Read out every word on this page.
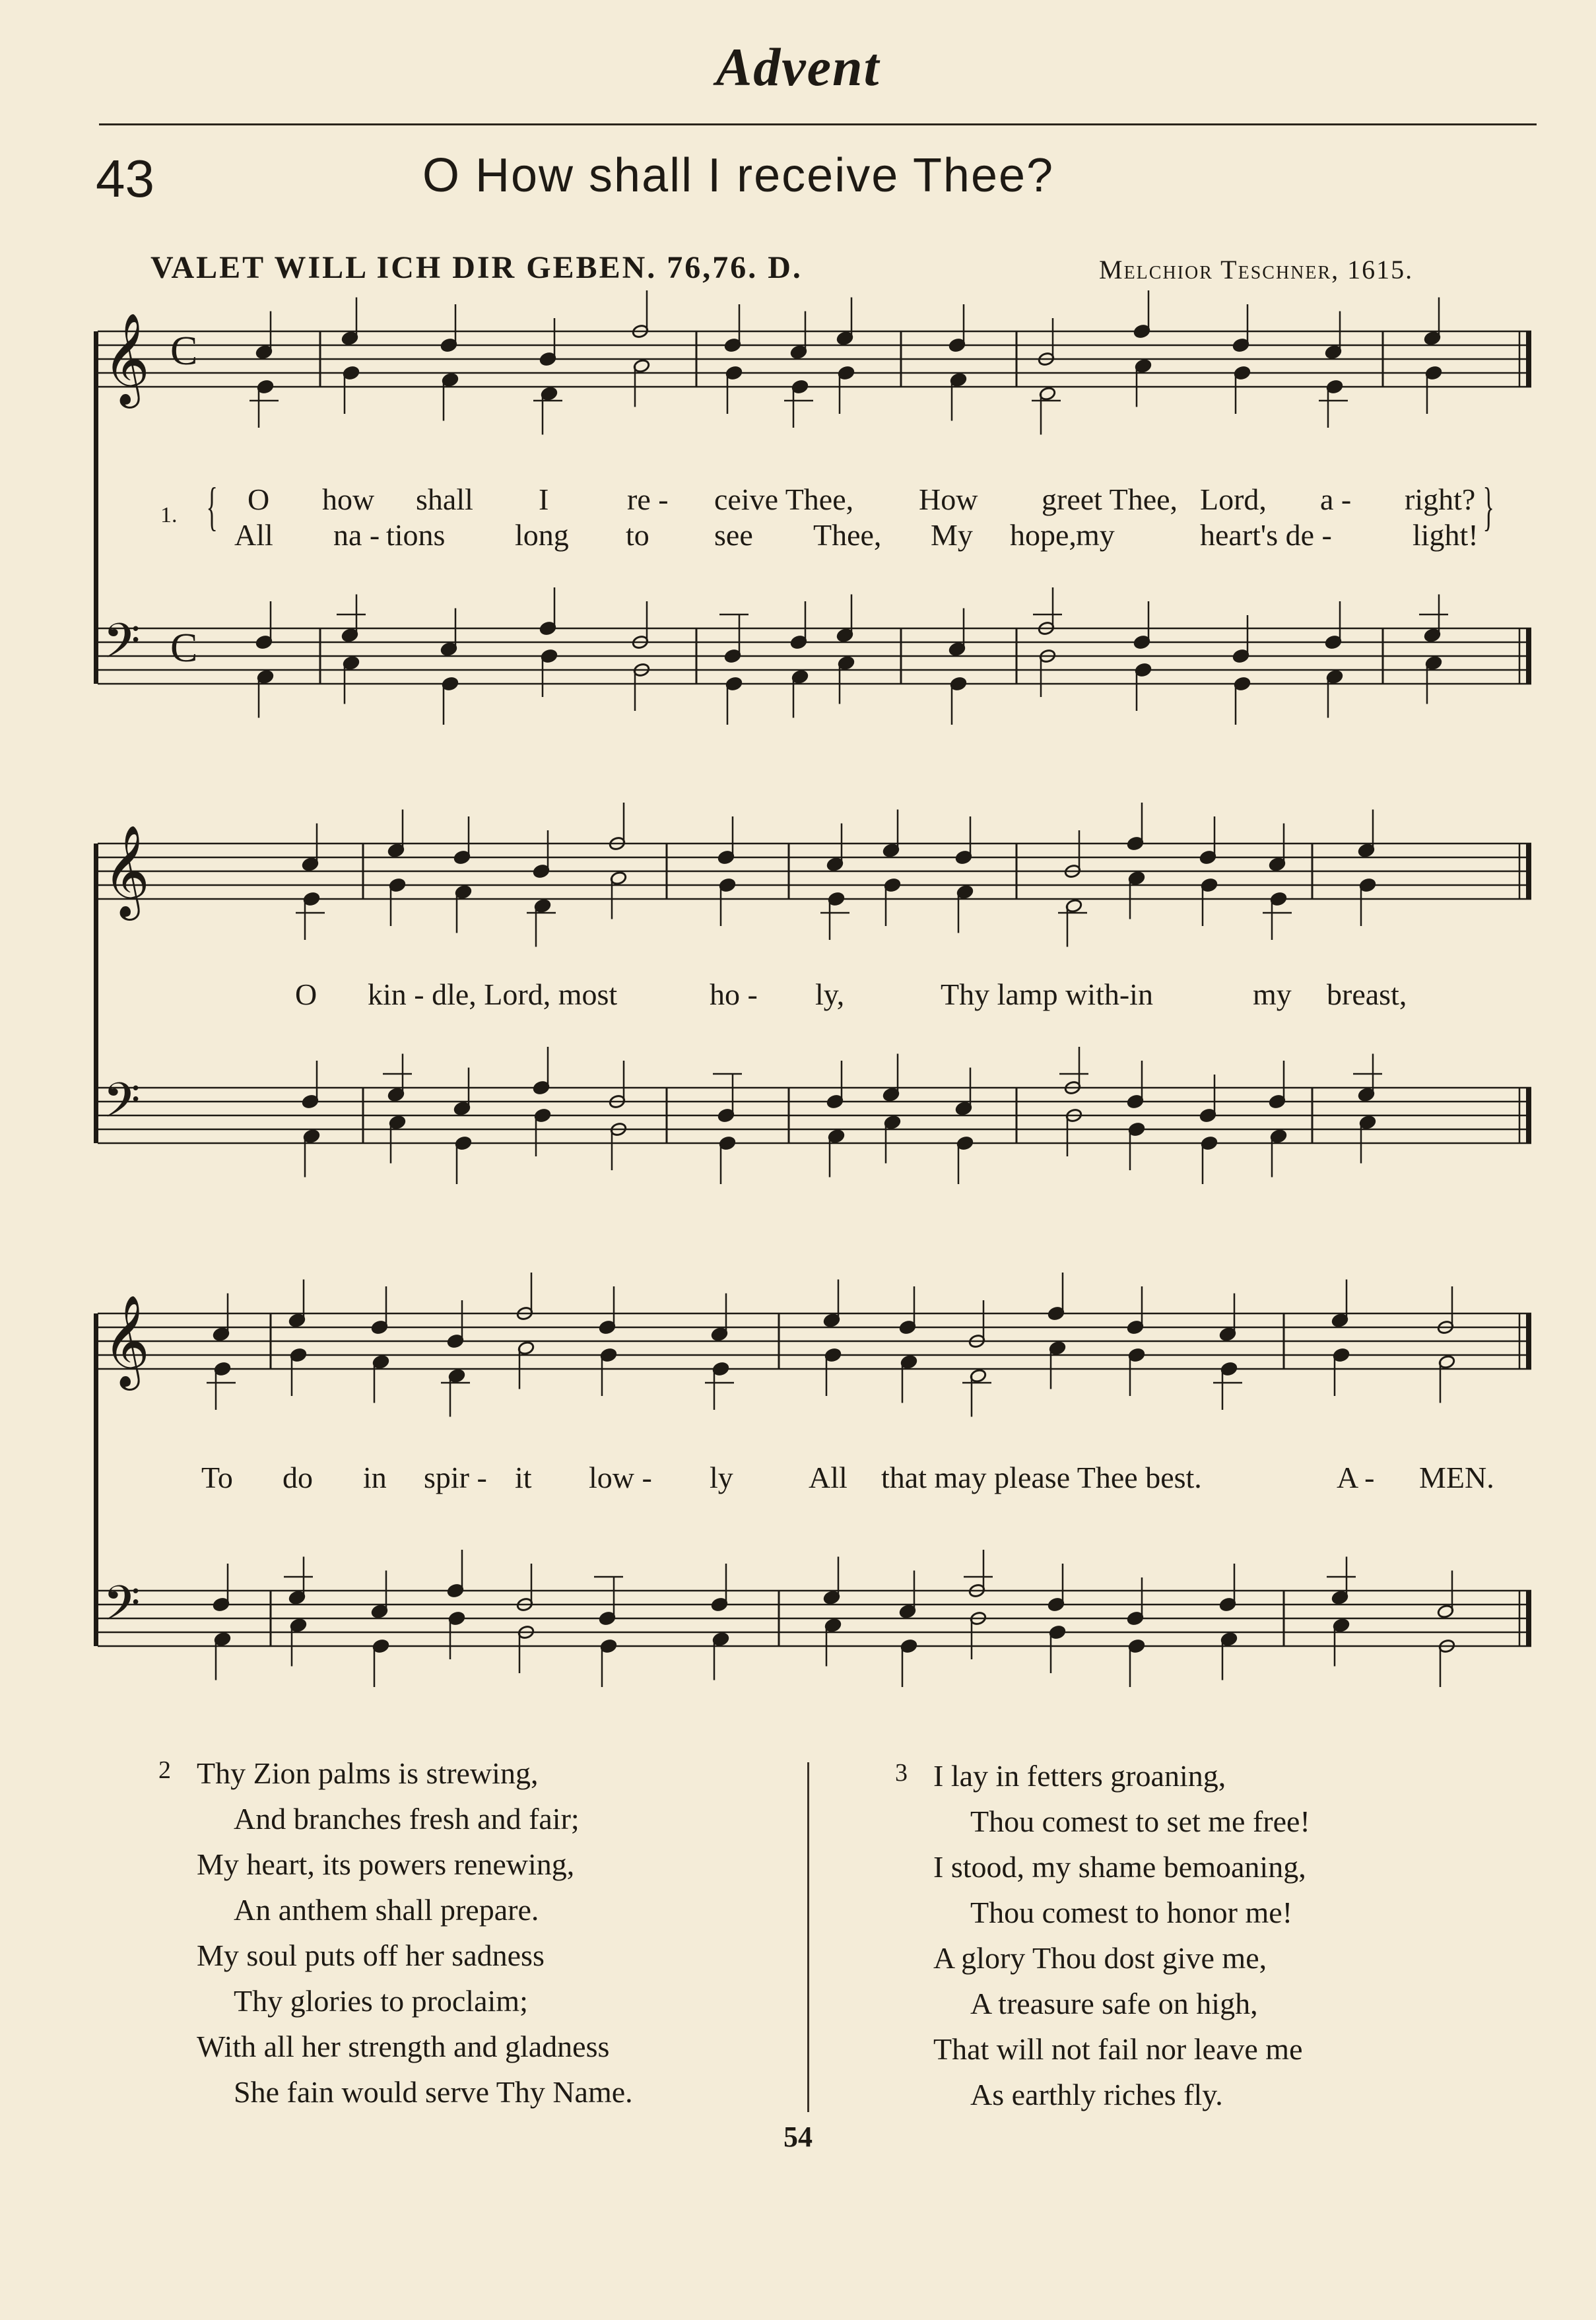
Advent
43	O How shall I receive Thee?
VALET WILL ICH DIR GEBEN. 76,76. D.	Melchior Teschner, 1615.
𝄞
𝄢
C
C
𝄞
𝄢
𝄞
𝄢
1. {	}
O how shall I	re - ceive Thee, How greet Thee, Lord, a - right?
All na - tions long to see Thee, My hope, my	heart's de -	light!
O kin - dle, Lord, most	ho - ly,	Thy lamp with-in	my breast,
To do in spir - it low - ly All that may please Thee best.	A - MEN.
2 Thy Zion palms is strewing,
And branches fresh and fair;
My heart, its powers renewing,
An anthem shall prepare.
My soul puts off her sadness
Thy glories to proclaim;
With all her strength and gladness
She fain would serve Thy Name.
3 I lay in fetters groaning,
Thou comest to set me free!
I stood, my shame bemoaning,
Thou comest to honor me!
A glory Thou dost give me,
A treasure safe on high,
That will not fail nor leave me
As earthly riches fly.
54
